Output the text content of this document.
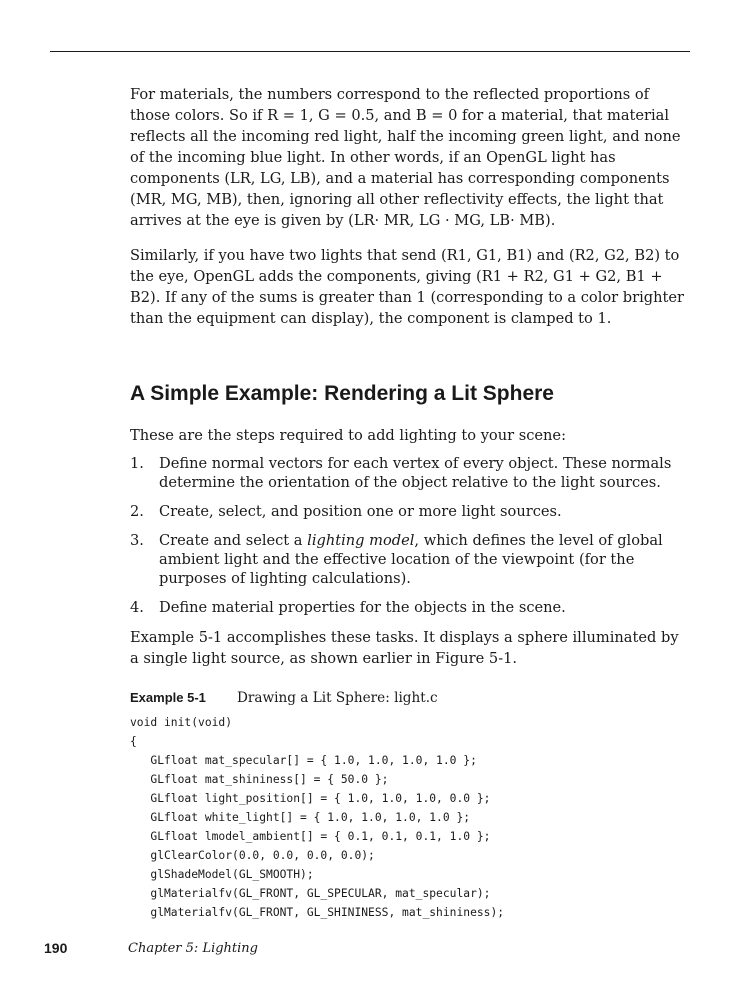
For materials, the numbers correspond to the reflected proportions of those colors. So if R = 1, G = 0.5, and B = 0 for a material, that material reflects all the incoming red light, half the incoming green light, and none of the incoming blue light. In other words, if an OpenGL light has components (LR, LG, LB), and a material has corresponding components (MR, MG, MB), then, ignoring all other reflectivity effects, the light that arrives at the eye is given by (LR· MR, LG · MG, LB· MB).

Similarly, if you have two lights that send (R1, G1, B1) and (R2, G2, B2) to the eye, OpenGL adds the components, giving (R1 + R2, G1 + G2, B1 + B2). If any of the sums is greater than 1 (corresponding to a color brighter than the equipment can display), the component is clamped to 1.

A Simple Example: Rendering a Lit Sphere

These are the steps required to add lighting to your scene:

1. Define normal vectors for each vertex of every object. These normals determine the orientation of the object relative to the light sources.
2. Create, select, and position one or more light sources.
3. Create and select a lighting model, which defines the level of global ambient light and the effective location of the viewpoint (for the purposes of lighting calculations).
4. Define material properties for the objects in the scene.

Example 5-1 accomplishes these tasks. It displays a sphere illuminated by a single light source, as shown earlier in Figure 5-1.

Example 5-1 Drawing a Lit Sphere: light.c
void init(void)
{
GLfloat mat_specular[] = { 1.0, 1.0, 1.0, 1.0 };
GLfloat mat_shininess[] = { 50.0 };
GLfloat light_position[] = { 1.0, 1.0, 1.0, 0.0 };
GLfloat white_light[] = { 1.0, 1.0, 1.0, 1.0 };
GLfloat lmodel_ambient[] = { 0.1, 0.1, 0.1, 1.0 };
glClearColor(0.0, 0.0, 0.0, 0.0);
glShadeModel(GL_SMOOTH);
glMaterialfv(GL_FRONT, GL_SPECULAR, mat_specular);
glMaterialfv(GL_FRONT, GL_SHININESS, mat_shininess);
190	Chapter 5: Lighting
